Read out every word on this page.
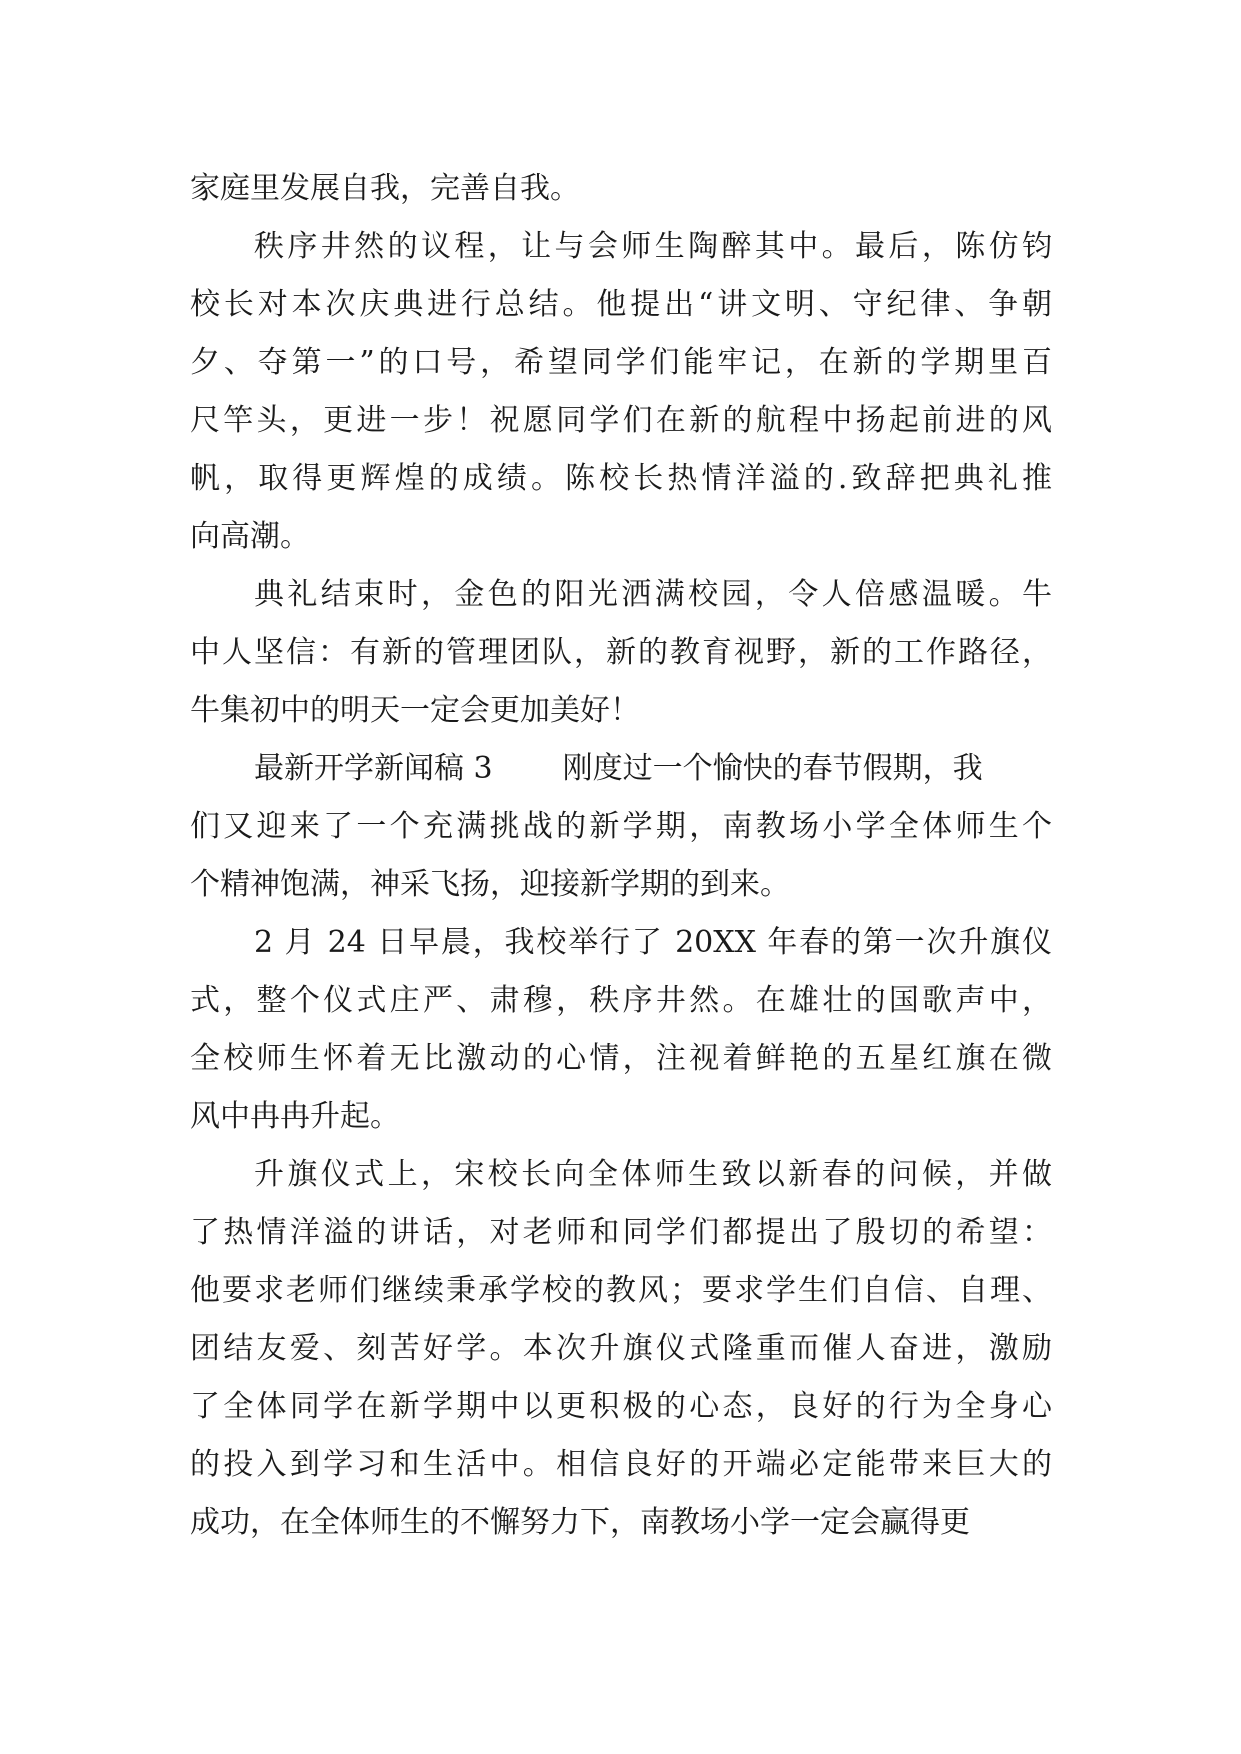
家庭里发展自我，完善自我。
秩序井然的议程，让与会师生陶醉其中。最后，陈仿钧
校长对本次庆典进行总结。他提出“讲文明、守纪律、争朝
夕、夺第一”的口号，希望同学们能牢记，在新的学期里百
尺竿头，更进一步！祝愿同学们在新的航程中扬起前进的风
帆，取得更辉煌的成绩。陈校长热情洋溢的.致辞把典礼推
向高潮。
典礼结束时，金色的阳光洒满校园，令人倍感温暖。牛
中人坚信：有新的管理团队，新的教育视野，新的工作路径，
牛集初中的明天一定会更加美好！
最新开学新闻稿 3 刚度过一个愉快的春节假期，我
们又迎来了一个充满挑战的新学期，南教场小学全体师生个
个精神饱满，神采飞扬，迎接新学期的到来。
2 月 24 日早晨，我校举行了 20XX 年春的第一次升旗仪
式，整个仪式庄严、肃穆，秩序井然。在雄壮的国歌声中，
全校师生怀着无比激动的心情，注视着鲜艳的五星红旗在微
风中冉冉升起。
升旗仪式上，宋校长向全体师生致以新春的问候，并做
了热情洋溢的讲话，对老师和同学们都提出了殷切的希望：
他要求老师们继续秉承学校的教风；要求学生们自信、自理、
团结友爱、刻苦好学。本次升旗仪式隆重而催人奋进，激励
了全体同学在新学期中以更积极的心态，良好的行为全身心
的投入到学习和生活中。相信良好的开端必定能带来巨大的
成功，在全体师生的不懈努力下，南教场小学一定会赢得更
